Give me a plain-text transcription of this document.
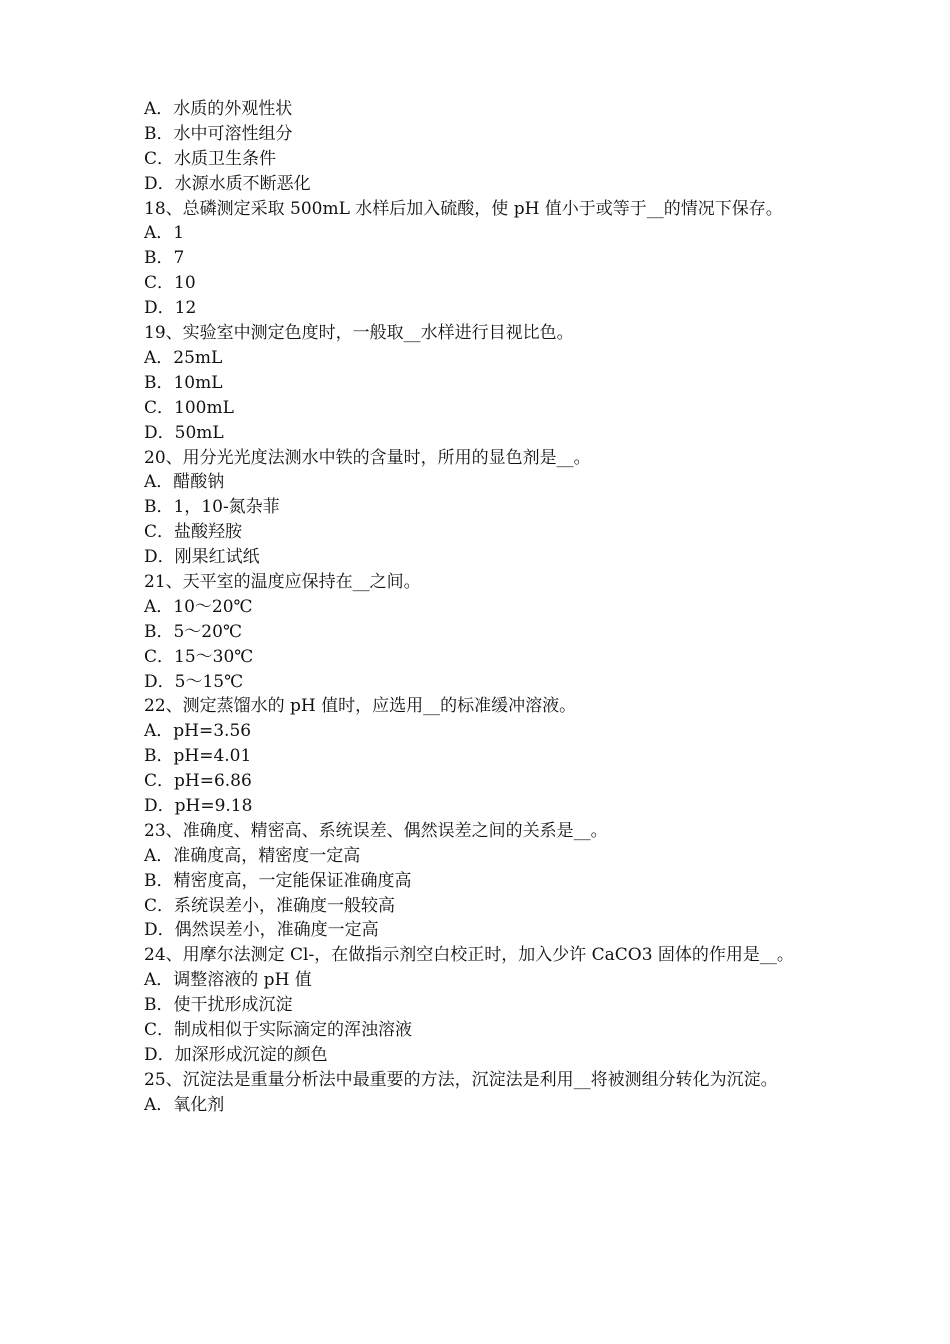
A．水质的外观性状
B．水中可溶性组分
C．水质卫生条件
D．水源水质不断恶化
18、总磷测定采取 500mL 水样后加入硫酸，使 pH 值小于或等于__的情况下保存。
A．1
B．7
C．10
D．12
19、实验室中测定色度时，一般取__水样进行目视比色。
A．25mL
B．10mL
C．100mL
D．50mL
20、用分光光度法测水中铁的含量时，所用的显色剂是__。
A．醋酸钠
B．1，10-氮杂菲
C．盐酸羟胺
D．刚果红试纸
21、天平室的温度应保持在__之间。
A．10～20℃
B．5～20℃
C．15～30℃
D．5～15℃
22、测定蒸馏水的 pH 值时，应选用__的标准缓冲溶液。
A．pH=3.56
B．pH=4.01
C．pH=6.86
D．pH=9.18
23、准确度、精密高、系统误差、偶然误差之间的关系是__。
A．准确度高，精密度一定高
B．精密度高，一定能保证准确度高
C．系统误差小，准确度一般较高
D．偶然误差小，准确度一定高
24、用摩尔法测定 Cl-，在做指示剂空白校正时，加入少许 CaCO3 固体的作用是__。
A．调整溶液的 pH 值
B．使干扰形成沉淀
C．制成相似于实际滴定的浑浊溶液
D．加深形成沉淀的颜色
25、沉淀法是重量分析法中最重要的方法，沉淀法是利用__将被测组分转化为沉淀。
A．氧化剂
